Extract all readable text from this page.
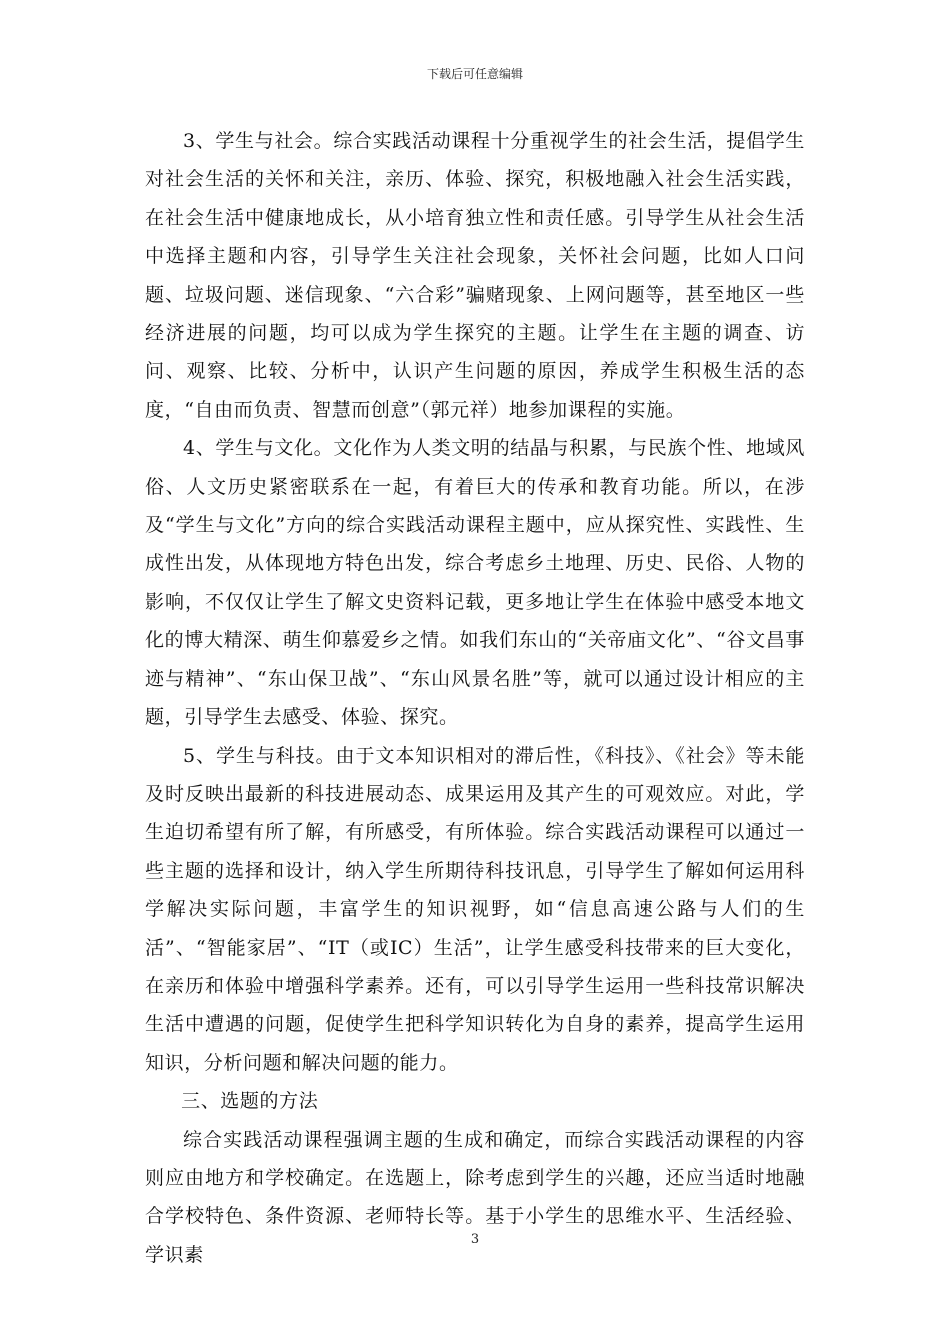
下载后可任意编辑

3、学生与社会。综合实践活动课程十分重视学生的社会生活，提倡学生对社会生活的关怀和关注，亲历、体验、探究，积极地融入社会生活实践，在社会生活中健康地成长，从小培育独立性和责任感。引导学生从社会生活中选择主题和内容，引导学生关注社会现象，关怀社会问题，比如人口问题、垃圾问题、迷信现象、“六合彩”骗赌现象、上网问题等，甚至地区一些经济进展的问题，均可以成为学生探究的主题。让学生在主题的调查、访问、观察、比较、分析中，认识产生问题的原因，养成学生积极生活的态度，“自由而负责、智慧而创意”（郭元祥）地参加课程的实施。

4、学生与文化。文化作为人类文明的结晶与积累，与民族个性、地域风俗、人文历史紧密联系在一起，有着巨大的传承和教育功能。所以，在涉及“学生与文化”方向的综合实践活动课程主题中，应从探究性、实践性、生成性出发，从体现地方特色出发，综合考虑乡土地理、历史、民俗、人物的影响，不仅仅让学生了解文史资料记载，更多地让学生在体验中感受本地文化的博大精深、萌生仰慕爱乡之情。如我们东山的“关帝庙文化”、“谷文昌事迹与精神”、“东山保卫战”、“东山风景名胜”等，就可以通过设计相应的主题，引导学生去感受、体验、探究。

5、学生与科技。由于文本知识相对的滞后性，《科技》、《社会》等未能及时反映出最新的科技进展动态、成果运用及其产生的可观效应。对此，学生迫切希望有所了解，有所感受，有所体验。综合实践活动课程可以通过一些主题的选择和设计，纳入学生所期待科技讯息，引导学生了解如何运用科学解决实际问题，丰富学生的知识视野，如“信息高速公路与人们的生活”、“智能家居”、“IT（或IC）生活”，让学生感受科技带来的巨大变化，在亲历和体验中增强科学素养。还有，可以引导学生运用一些科技常识解决生活中遭遇的问题，促使学生把科学知识转化为自身的素养，提高学生运用知识，分析问题和解决问题的能力。

三、选题的方法

综合实践活动课程强调主题的生成和确定，而综合实践活动课程的内容则应由地方和学校确定。在选题上，除考虑到学生的兴趣，还应当适时地融合学校特色、条件资源、老师特长等。基于小学生的思维水平、生活经验、学识素

3
